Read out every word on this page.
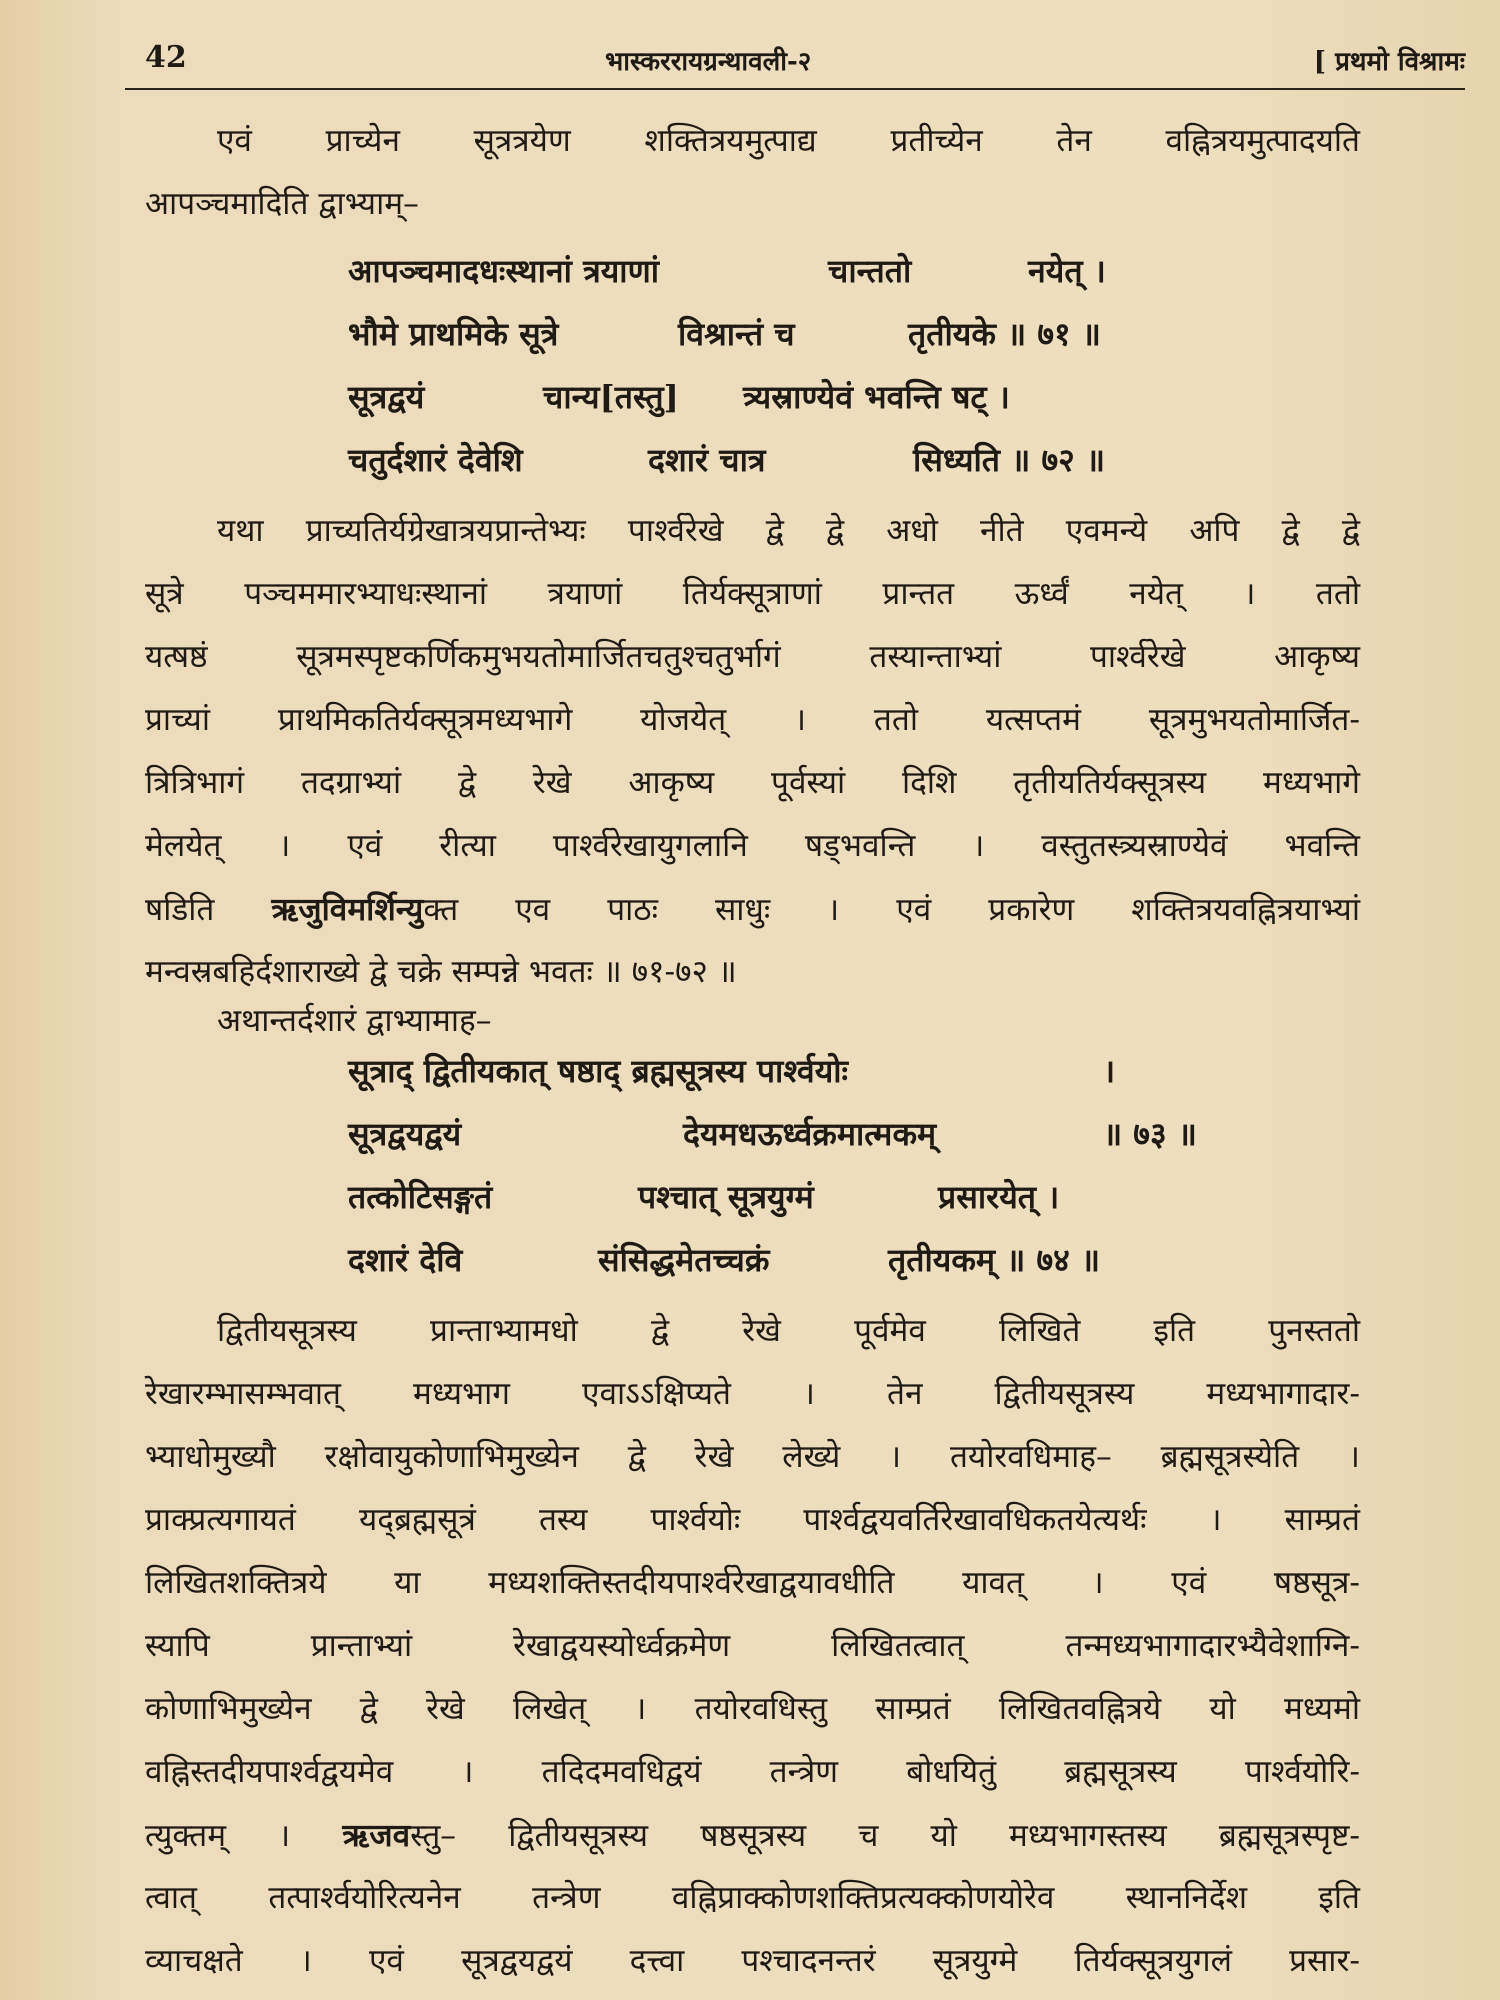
42	भास्कररायग्रन्थावली-२	[ प्रथमो विश्रामः
एवं प्राच्येन सूत्रत्रयेण शक्तित्रयमुत्पाद्य प्रतीच्येन तेन वह्नित्रयमुत्पादयति
आपञ्चमादिति द्वाभ्याम्–
आपञ्चमादधःस्थानां त्रयाणां	चान्ततो	नयेत् ।
भौमे प्राथमिके सूत्रे	विश्रान्तं च	तृतीयके ॥ ७१ ॥
सूत्रद्वयं	चान्य[तस्तु] त्र्यस्राण्येवं भवन्ति षट् ।
चतुर्दशारं देवेशि	दशारं चात्र	सिध्यति ॥ ७२ ॥
यथा प्राच्यतिर्यग्रेखात्रयप्रान्तेभ्यः पार्श्वरेखे द्वे द्वे अधो नीते एवमन्ये अपि द्वे द्वे
सूत्रे पञ्चममारभ्याधःस्थानां त्रयाणां तिर्यक्सूत्राणां प्रान्तत ऊर्ध्वं नयेत् । ततो
यत्षष्ठं सूत्रमस्पृष्टकर्णिकमुभयतोमार्जितचतुश्चतुर्भागं तस्यान्ताभ्यां पार्श्वरेखे आकृष्य
प्राच्यां प्राथमिकतिर्यक्सूत्रमध्यभागे योजयेत् । ततो यत्सप्तमं सूत्रमुभयतोमार्जित-
त्रित्रिभागं तदग्राभ्यां द्वे रेखे आकृष्य पूर्वस्यां दिशि तृतीयतिर्यक्सूत्रस्य मध्यभागे
मेलयेत् । एवं रीत्या पार्श्वरेखायुगलानि षड्भवन्ति । वस्तुतस्त्र्यस्राण्येवं भवन्ति
षडिति ऋजुविमर्शिन्युक्त एव पाठः साधुः । एवं प्रकारेण शक्तित्रयवह्नित्रयाभ्यां
मन्वस्रबहिर्दशाराख्ये द्वे चक्रे सम्पन्ने भवतः ॥ ७१-७२ ॥
अथान्तर्दशारं द्वाभ्यामाह–
सूत्राद् द्वितीयकात् षष्ठाद् ब्रह्मसूत्रस्य पार्श्वयोः	।
सूत्रद्वयद्वयं	देयमधऊर्ध्वक्रमात्मकम्	॥ ७३ ॥
तत्कोटिसङ्गतं	पश्चात् सूत्रयुग्मं	प्रसारयेत् ।
दशारं देवि	संसिद्धमेतच्चक्रं	तृतीयकम् ॥ ७४ ॥
द्वितीयसूत्रस्य प्रान्ताभ्यामधो द्वे रेखे पूर्वमेव लिखिते इति पुनस्ततो
रेखारम्भासम्भवात् मध्यभाग एवाऽऽक्षिप्यते । तेन द्वितीयसूत्रस्य मध्यभागादार-
भ्याधोमुख्यौ रक्षोवायुकोणाभिमुख्येन द्वे रेखे लेख्ये । तयोरवधिमाह– ब्रह्मसूत्रस्येति ।
प्राक्प्रत्यगायतं यद्ब्रह्मसूत्रं तस्य पार्श्वयोः पार्श्वद्वयवर्तिरेखावधिकतयेत्यर्थः । साम्प्रतं
लिखितशक्तित्रये या मध्यशक्तिस्तदीयपार्श्वरेखाद्वयावधीति यावत् । एवं षष्ठसूत्र-
स्यापि प्रान्ताभ्यां रेखाद्वयस्योर्ध्वक्रमेण लिखितत्वात् तन्मध्यभागादारभ्यैवेशाग्नि-
कोणाभिमुख्येन द्वे रेखे लिखेत् । तयोरवधिस्तु साम्प्रतं लिखितवह्नित्रये यो मध्यमो
वह्निस्तदीयपार्श्वद्वयमेव । तदिदमवधिद्वयं तन्त्रेण बोधयितुं ब्रह्मसूत्रस्य पार्श्वयोरि-
त्युक्तम् । ऋजवस्तु– द्वितीयसूत्रस्य षष्ठसूत्रस्य च यो मध्यभागस्तस्य ब्रह्मसूत्रस्पृष्ट-
त्वात् तत्पार्श्वयोरित्यनेन तन्त्रेण वह्निप्राक्कोणशक्तिप्रत्यक्कोणयोरेव स्थाननिर्देश इति
व्याचक्षते । एवं सूत्रद्वयद्वयं दत्त्वा पश्चादनन्तरं सूत्रयुग्मे तिर्यक्सूत्रयुगलं प्रसार-
